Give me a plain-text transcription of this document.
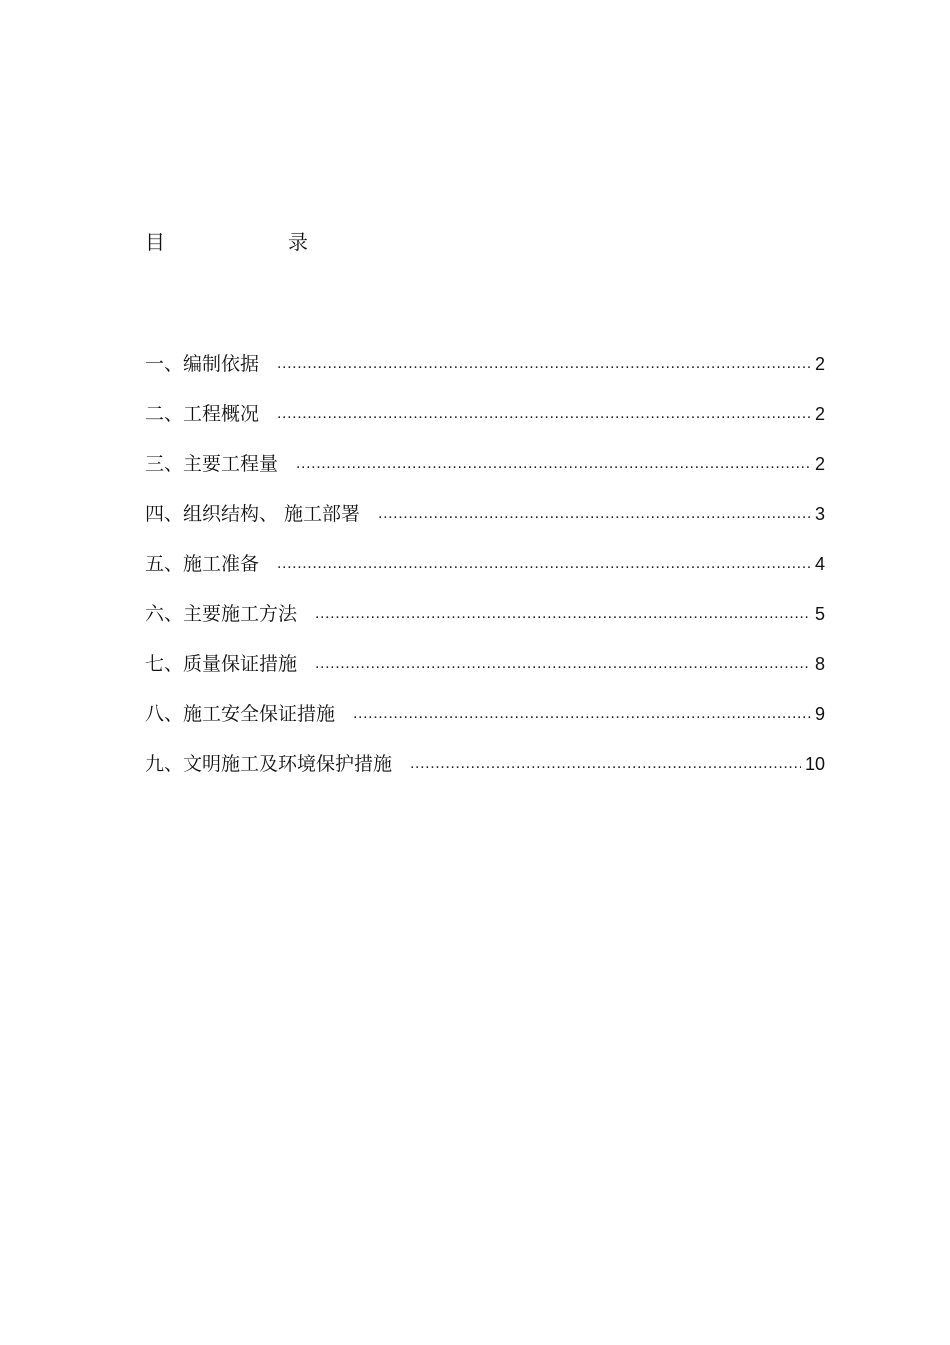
目	录
一、编制依据 .....	2
二、工程概况 .....	2
三、主要工程量 .....	2
四、组织结构、 施工部署 .....	3
五、施工准备 .....	4
六、主要施工方法 .....	5
七、质量保证措施 .....	8
八、施工安全保证措施 .....	9
九、文明施工及环境保护措施 .....	10
